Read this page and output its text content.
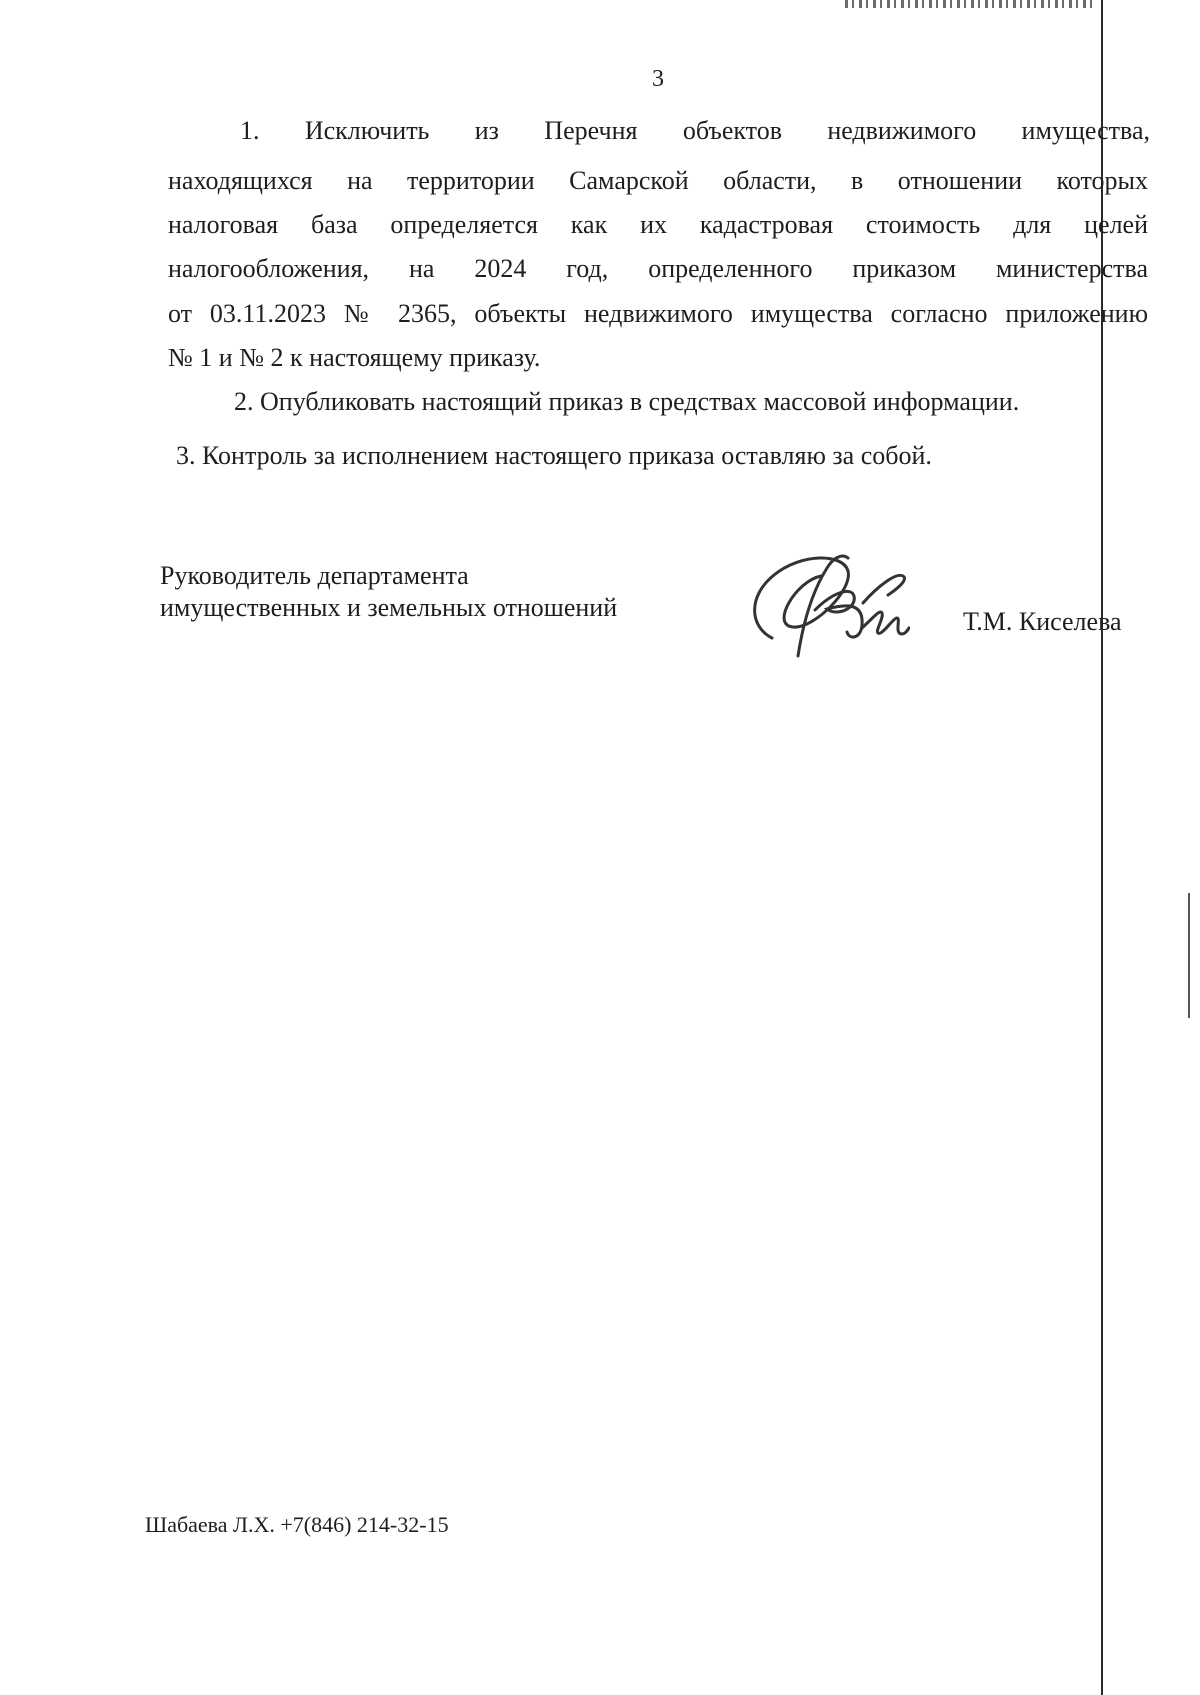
3
1. Исключить из Перечня объектов недвижимого имущества,
находящихся на территории Самарской области, в отношении которых
налоговая база определяется как их кадастровая стоимость для целей
налогообложения, на 2024 год, определенного приказом министерства
от 03.11.2023 № 2365, объекты недвижимого имущества согласно приложению
№ 1 и № 2 к настоящему приказу.
2. Опубликовать настоящий приказ в средствах массовой информации.
3. Контроль за исполнением настоящего приказа оставляю за собой.
Руководитель департамента
имущественных и земельных отношений	Т.М. Киселева
Шабаева Л.Х. +7(846) 214-32-15
